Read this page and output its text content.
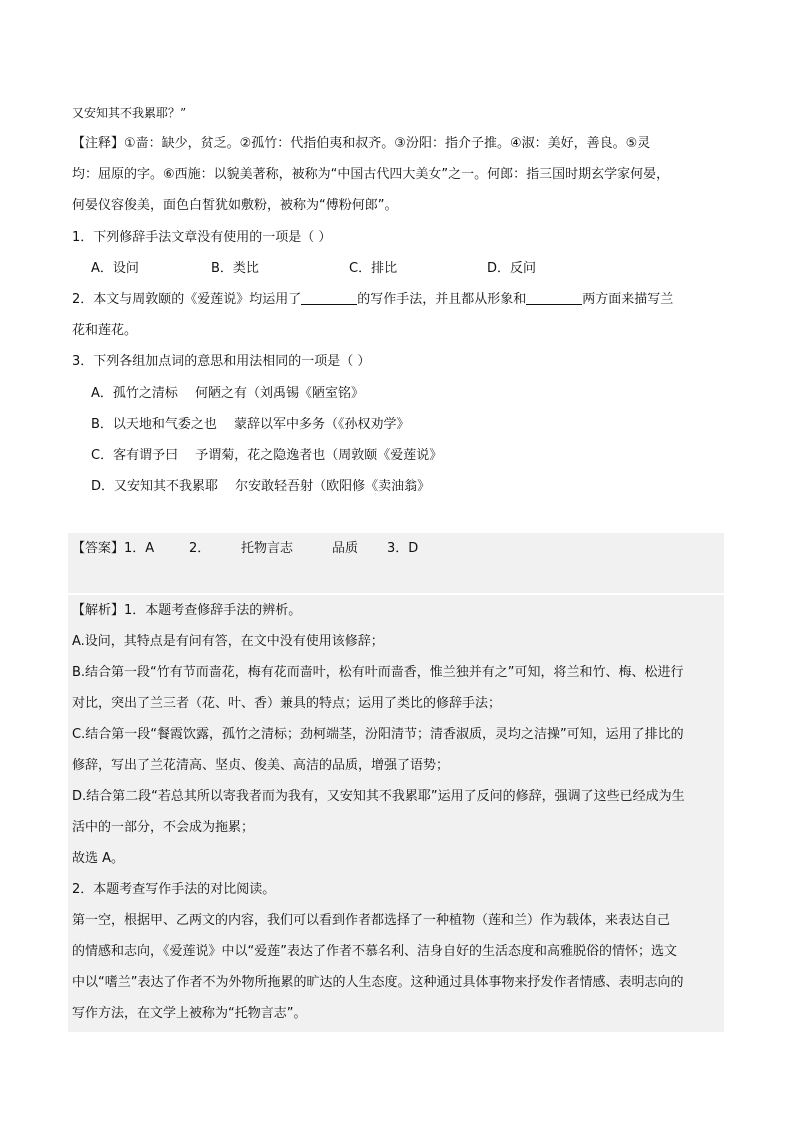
又安知其不我累耶？”
【注释】①啬：缺少，贫乏。②孤竹：代指伯夷和叔齐。③汾阳：指介子推。④淑：美好，善良。⑤灵
均：屈原的字。⑥西施：以貌美著称，被称为“中国古代四大美女”之一。何郎：指三国时期玄学家何晏，
何晏仪容俊美，面色白皙犹如敷粉，被称为“傅粉何郎”。
1．下列修辞手法文章没有使用的一项是（ ）
A．设问	B．类比	C．排比	D．反问
2．本文与周敦颐的《爱莲说》均运用了	的写作手法，并且都从形象和	两方面来描写兰
花和莲花。
3．下列各组加点词的意思和用法相同的一项是（ ）
A．孤竹之清标　 何陋之有（刘禹锡《陋室铭》
B．以天地和气委之也　 蒙辞以军中多务（《孙权劝学》
C．客有谓予曰　 予谓菊，花之隐逸者也（周敦颐《爱莲说》
D．又安知其不我累耶　 尔安敢轻吾射（欧阳修《卖油翁》
【答案】1．A	2． 托物言志	品质 3．D
【解析】1．本题考查修辞手法的辨析。
A.设问，其特点是有问有答，在文中没有使用该修辞；
B.结合第一段“竹有节而啬花，梅有花而啬叶，松有叶而啬香，惟兰独并有之”可知，将兰和竹、梅、松进行
对比，突出了兰三者（花、叶、香）兼具的特点；运用了类比的修辞手法；
C.结合第一段“餐霞饮露，孤竹之清标；劲柯端茎，汾阳清节；清香淑质，灵均之洁操”可知，运用了排比的
修辞，写出了兰花清高、坚贞、俊美、高洁的品质，增强了语势；
D.结合第二段“若总其所以寄我者而为我有，又安知其不我累耶”运用了反问的修辞，强调了这些已经成为生
活中的一部分，不会成为拖累；
故选 A。
2．本题考查写作手法的对比阅读。
第一空，根据甲、乙两文的内容，我们可以看到作者都选择了一种植物（莲和兰）作为载体，来表达自己
的情感和志向，《爱莲说》中以“爱莲”表达了作者不慕名利、洁身自好的生活态度和高雅脱俗的情怀；选文
中以“嗜兰”表达了作者不为外物所拖累的旷达的人生态度。这种通过具体事物来抒发作者情感、表明志向的
写作方法，在文学上被称为“托物言志”。
